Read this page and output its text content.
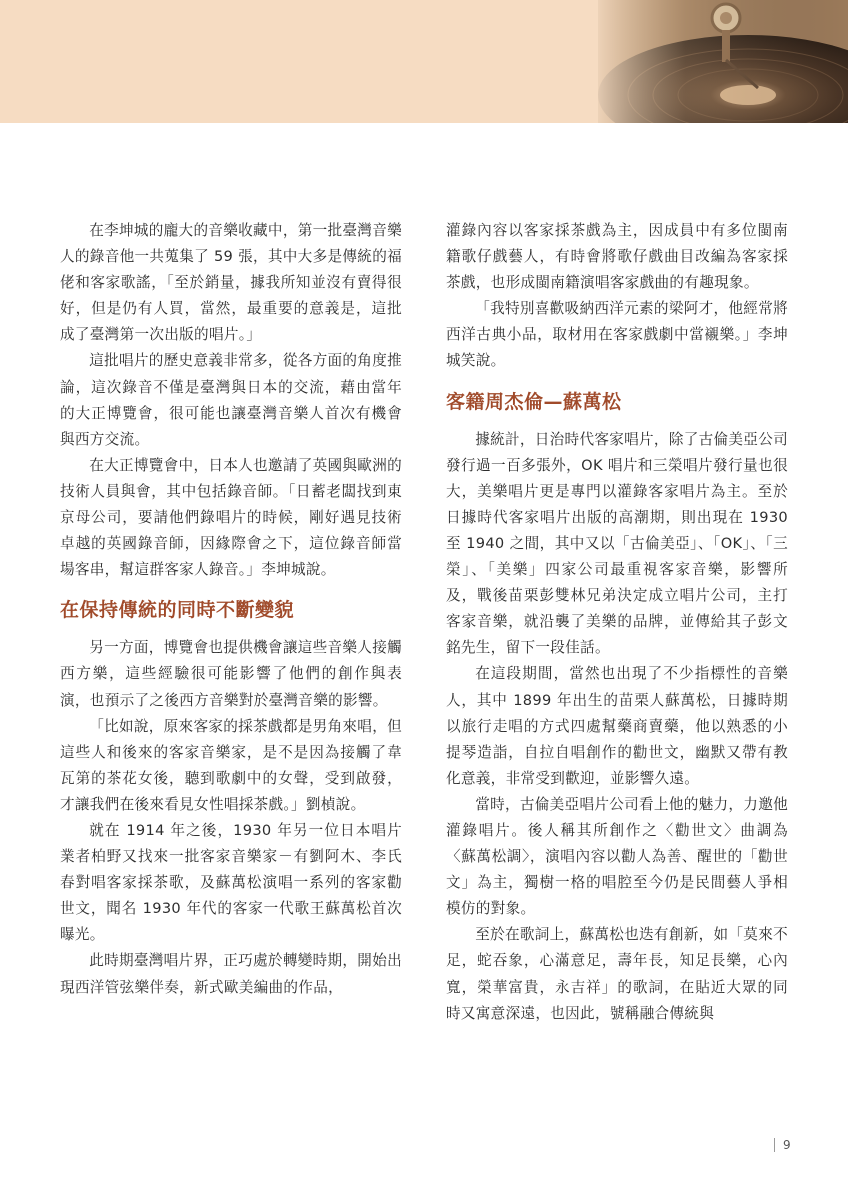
在李坤城的龐大的音樂收藏中，第一批臺灣音樂人的錄音他一共蒐集了 59 張，其中大多是傳統的福佬和客家歌謠，「至於銷量，據我所知並沒有賣得很好，但是仍有人買，當然，最重要的意義是，這批成了臺灣第一次出版的唱片。」

這批唱片的歷史意義非常多，從各方面的角度推論，這次錄音不僅是臺灣與日本的交流，藉由當年的大正博覽會，很可能也讓臺灣音樂人首次有機會與西方交流。

在大正博覽會中，日本人也邀請了英國與歐洲的技術人員與會，其中包括錄音師。「日蓄老闆找到東京母公司，要請他們錄唱片的時候，剛好遇見技術卓越的英國錄音師，因緣際會之下，這位錄音師當場客串，幫這群客家人錄音。」李坤城說。

在保持傳統的同時不斷變貌

另一方面，博覽會也提供機會讓這些音樂人接觸西方樂，這些經驗很可能影響了他們的創作與表演，也預示了之後西方音樂對於臺灣音樂的影響。

「比如說，原來客家的採茶戲都是男角來唱，但這些人和後來的客家音樂家，是不是因為接觸了韋瓦第的茶花女後，聽到歌劇中的女聲，受到啟發，才讓我們在後來看見女性唱採茶戲。」劉楨說。

就在 1914 年之後，1930 年另一位日本唱片業者柏野又找來一批客家音樂家－有劉阿木、李氏春對唱客家採茶歌，及蘇萬松演唱一系列的客家勸世文，聞名 1930 年代的客家一代歌王蘇萬松首次曝光。

此時期臺灣唱片界，正巧處於轉變時期，開始出現西洋管弦樂伴奏，新式歐美編曲的作品，

灌錄內容以客家採茶戲為主，因成員中有多位閩南籍歌仔戲藝人，有時會將歌仔戲曲目改編為客家採茶戲，也形成閩南籍演唱客家戲曲的有趣現象。

「我特別喜歡吸納西洋元素的梁阿才，他經常將西洋古典小品，取材用在客家戲劇中當襯樂。」李坤城笑說。

客籍周杰倫—蘇萬松

據統計，日治時代客家唱片，除了古倫美亞公司發行過一百多張外，OK 唱片和三榮唱片發行量也很大，美樂唱片更是專門以灌錄客家唱片為主。至於日據時代客家唱片出版的高潮期，則出現在 1930 至 1940 之間，其中又以「古倫美亞」、「OK」、「三榮」、「美樂」四家公司最重視客家音樂，影響所及，戰後苗栗彭雙林兄弟決定成立唱片公司，主打客家音樂，就沿襲了美樂的品牌，並傳給其子彭文銘先生，留下一段佳話。

在這段期間，當然也出現了不少指標性的音樂人，其中 1899 年出生的苗栗人蘇萬松，日據時期以旅行走唱的方式四處幫藥商賣藥，他以熟悉的小提琴造詣，自拉自唱創作的勸世文，幽默又帶有教化意義，非常受到歡迎，並影響久遠。

當時，古倫美亞唱片公司看上他的魅力，力邀他灌錄唱片。後人稱其所創作之〈勸世文〉曲調為〈蘇萬松調〉，演唱內容以勸人為善、醒世的「勸世文」為主，獨樹一格的唱腔至今仍是民間藝人爭相模仿的對象。

至於在歌詞上，蘇萬松也迭有創新，如「莫來不足，蛇吞象，心滿意足，壽年長，知足長樂，心內寬，榮華富貴，永吉祥」的歌詞，在貼近大眾的同時又寓意深遠，也因此，號稱融合傳統與

9
